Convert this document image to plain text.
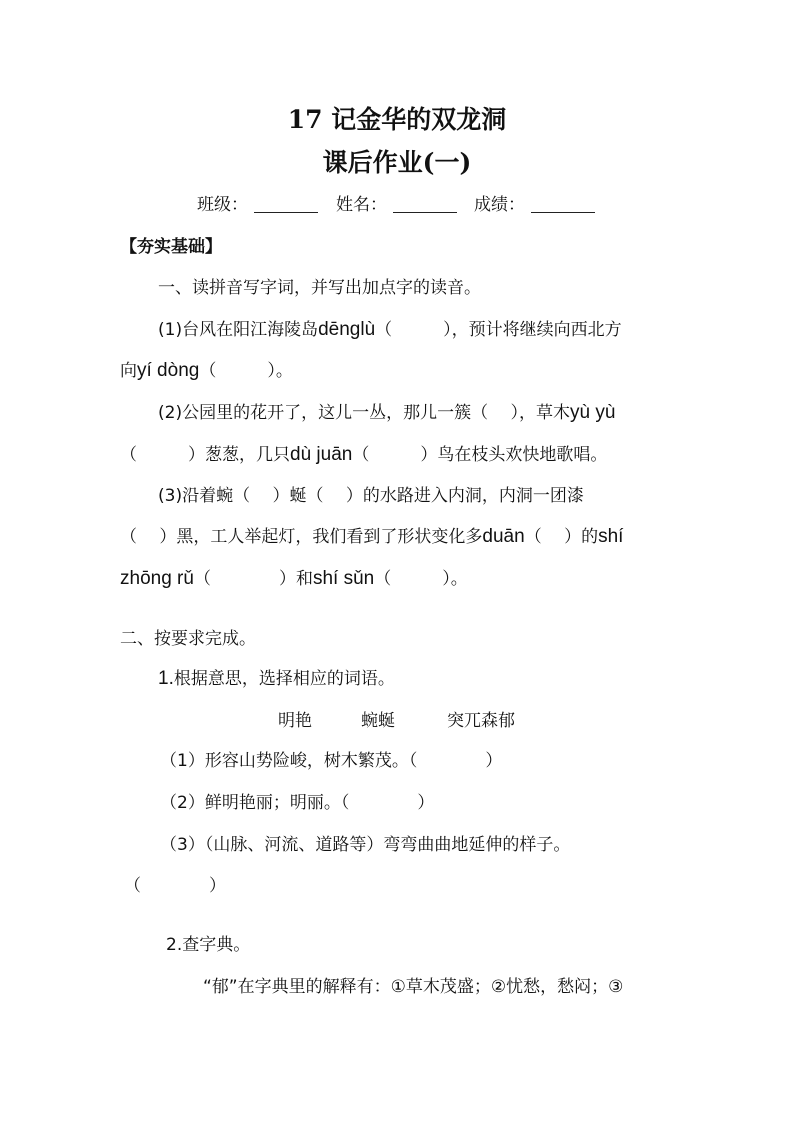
17 记金华的双龙洞
课后作业(一)
班级：	姓名：	成绩：
【夯实基础】
一、读拼音写字词，并写出加点字的读音。
(1)台风在阳江海陵岛dēnglù（　　　），预计将继续向西北方
向yí dòng（　　　）。
(2)公园里的花开了，这儿一丛，那儿一簇（　 ），草木yù yù
（　　　）葱葱，几只dù juān（　　　）鸟在枝头欢快地歌唱。
(3)沿着蜿（　 ）蜒（　 ）的水路进入内洞，内洞一团漆
（　 ）黑，工人举起灯，我们看到了形状变化多duān（　 ）的shí
zhōng rǔ（　　　　）和shí sǔn（　　　）。
二、按要求完成。
1.根据意思，选择相应的词语。
明艳	蜿蜒	突兀森郁
（1）形容山势险峻，树木繁茂。（　　　　）
（2）鲜明艳丽；明丽。（　　　　）
（3）（山脉、河流、道路等）弯弯曲曲地延伸的样子。
（　　　　）
2.查字典。
“郁”在字典里的解释有：①草木茂盛；②忧愁，愁闷；③
